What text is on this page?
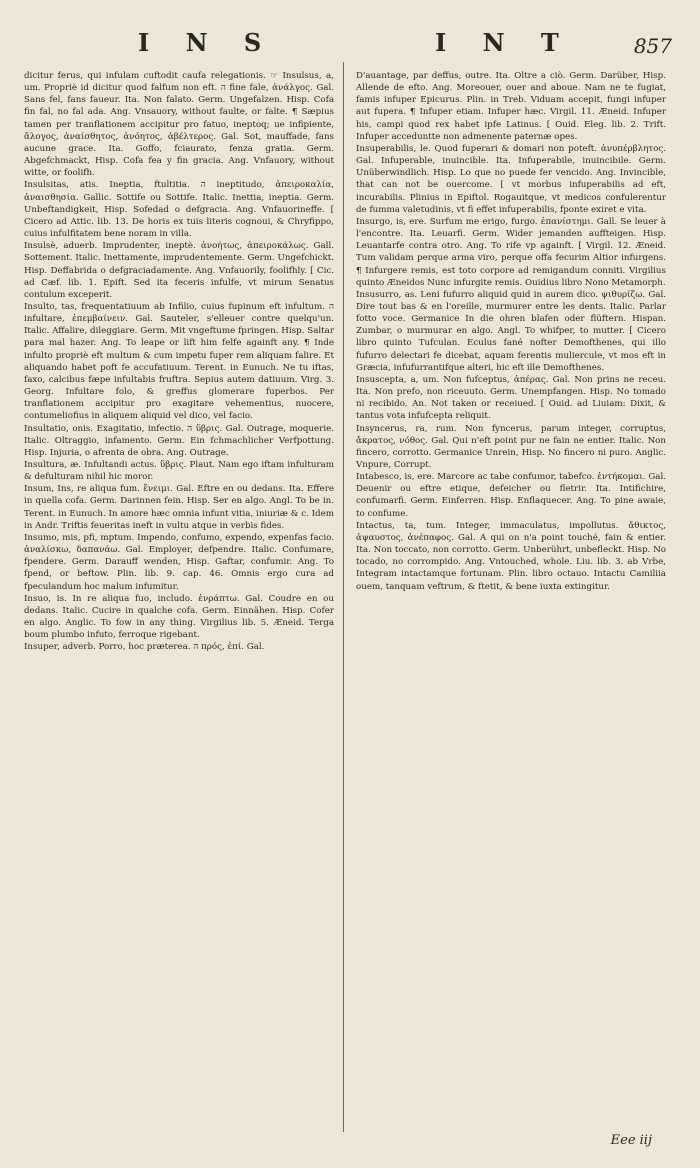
I N S	I N T	857

dicitur ferus, qui infulam cuftodit caufa relegationis. ☞ Insulsus, a, um. Propriè id dicitur quod falfum non eft. ﬣ fine fale, ἀνάλγος. Gal. Sans fel, fans faueur. Ita. Non falato. Germ. Ungefalzen. Hisp. Cofa fin fal, no fal ada. Ang. Vnsauory, without faulte, or falte. ¶ Sæpius tamen per tranflationem accipitur pro fatuo, ineptoq; ue infipiente, ἄλογος, ἀναίσθητος, ἀνόητος, ἀβέλτερος. Gal. Sot, mauffade, fans aucune grace. Ita. Goffo, fciaurato, fenza gratia. Germ. Abgefchmackt, Hisp. Cofa fea y fin gracia. Ang. Vnfauory, without witte, or foolifh.

Insulsitas, atis. Ineptia, ftultitia. ﬣ ineptitudo, ἀπειροκαλία, ἀναισθησία. Gallic. Sottife ou Sottife. Italic. Inettia, ineptia. Germ. Unbeftandigkeit, Hisp. Sofedad o defgracia. Ang. Vnfauorineffe. [ Cicero ad Attic. lib. 13. De horis ex tuis literis cognoui, & Chryfippo, cuius infulfitatem bene noram in villa.

Insulsè, aduerb. Imprudenter, ineptè. ἀνοήτως, ἀπειροκάλως. Gall. Sottement. Italic. Inettamente, imprudentemente. Germ. Ungefchickt. Hisp. Deffabrida o defgraciadamente. Ang. Vnfauorily, foolifhly. [ Cic. ad Cæf. lib. 1. Epift. Sed ita feceris infulfe, vt mirum Senatus contulum exceperit.

Insulto, tas, frequentatiuum ab Infilio, cuius fupinum eft infultum. ﬣ infultare, ἐπεμβαίνειν. Gal. Sauteler, s'elleuer contre quelqu'un. Italic. Affalire, dileggiare. Germ. Mit vngeftume fpringen. Hisp. Saltar para mal hazer. Ang. To leape or lift him felfe againft any. ¶ Inde infulto propriè eft multum & cum impetu fuper rem aliquam falire. Et aliquando habet poft fe accufatiuum. Terent. in Eunuch. Ne tu iftas, faxo, calcibus fæpe infultabis fruftra. Sepius autem datiuum. Virg. 3. Georg. Infultare folo, & greffus glomerare fuperbos. Per tranflationem accipitur pro exagitare vehementius, nuocere, contumeliofius in aliquem aliquid vel dico, vel facio.

Insultatio, onis. Exagitatio, infectio. ﬣ ὕβρις. Gal. Outrage, moquerie. Italic. Oltraggio, infamento. Germ. Ein fchmachlicher Verfpottung. Hisp. Injuria, o afrenta de obra. Ang. Outrage.

Insultura, æ. Infultandi actus. ὕβρις. Plaut. Nam ego iftam infulturam & defulturam nihil hic moror.

Insum, Ins, re aliqua fum. ἔνειμι. Gal. Eftre en ou dedans. Ita. Effere in quella cofa. Germ. Darinnen fein. Hisp. Ser en algo. Angl. To be in. Terent. in Eunuch. In amore hæc omnia infunt vitia, iniuriæ & c. Idem in Andr. Triftis feueritas ineft in vultu atque in verbis fides.

Insumo, mis, pfi, mptum. Impendo, confumo, expendo, expenfas facio. ἀναλίσκω, δαπανάω. Gal. Employer, defpendre. Italic. Confumare, fpendere. Germ. Darauff wenden, Hisp. Gaftar, confumir. Ang. To fpend, or beftow. Plin. lib. 9. cap. 46. Omnis ergo cura ad fpeculandum hoc malum infumitur.

Insuo, is. In re aliqua fuo, includo. ἐνράπτω. Gal. Coudre en ou dedans. Italic. Cucire in qualche cofa. Germ. Einnähen. Hisp. Cofer en algo. Anglic. To fow in any thing. Virgilius lib. 5. Æneid. Terga boum plumbo infuto, ferroque rigebant.

Insuper, adverb. Porro, hoc præterea. ﬣ πρός, ἐπί. Gal.

D'auantage, par deffus, outre. Ita. Oltre a ciò. Germ. Darüber, Hisp. Allende de efto. Ang. Moreouer, ouer and aboue. Nam ne te fugiat, famis infuper Epicurus. Plin. in Treb. Viduam accepit, fungi infuper aut fupera. ¶ Infuper etiam. Infuper hæc. Virgil. 11. Æneid. Infuper his, campi quod rex habet ipfe Latinus. [ Ouid. Eleg. lib. 2. Trift. Infuper acceduntte non admenente paternæ opes.

Insuperabilis, le. Quod fuperari & domari non poteft. ἀνυπέρβλητος. Gal. Infuperable, inuincible. Ita. Infuperabile, inuincibile. Germ. Unüberwindlich. Hisp. Lo que no puede fer vencido. Ang. Invincible, that can not be ouercome. [ vt morbus infuperabilis ad eft, incurabilis. Plinius in Epiftol. Rogauitque, vt medicos confulerentur de fumma valetudinis, vt fi effet infuperabilis, fponte exiret e vita.

Insurgo, is, ere. Surfum me erigo, furgo. ἐπανίστημι. Gall. Se leuer à l'encontre. Ita. Leuarfi. Germ. Wider jemanden auffteigen. Hisp. Leuantarfe contra otro. Ang. To rife vp againft. [ Virgil. 12. Æneid. Tum validam perque arma viro, perque offa fecurim Altior infurgens. ¶ Infurgere remis, est toto corpore ad remigandum conniti. Virgilius quinto Æneidos Nunc infurgite remis. Ouidius libro Nono Metamorph.

Insusurro, as. Leni fufurro aliquid quid in aurem dico. ψιθυρίζω. Gal. Dire tout bas & en l'oreille, murmurer entre les dents. Italic. Parlar fotto voce. Germanice In die ohren blafen oder flüftern. Hispan. Zumbar, o murmurar en algo. Angl. To whifper, to mutter. [ Cicero libro quinto Tufculan. Eculus fané nofter Demofthenes, qui illo fufurro delectari fe dicebat, aquam ferentis muliercule, vt mos eft in Græcia, infufurrantifque alteri, hic eft ille Demofthenes.

Insuscepta, a, um. Non fufceptus, ἀπέρας. Gal. Non prins ne receu. Ita. Non prefo, non riceuuto. Germ. Unempfangen. Hisp. No tomado ni recibido. An. Not taken or receiued. [ Ouid. ad Liuiam: Dixit, & tantus vota infufcepta reliquit.

Insyncerus, ra, rum. Non fyncerus, parum integer, corruptus, ἄκρατος, νόθος. Gal. Qui n'eft point pur ne fain ne entier. Italic. Non fincero, corrotto. Germanice Unrein, Hisp. No fincero ni puro. Anglic. Vnpure, Corrupt.

Intabesco, is, ere. Marcore ac tabe confumor, tabefco. ἐντήκομαι. Gal. Deuenir ou eftre etique, defeicher ou fletrir. Ita. Intifichire, confumarfi. Germ. Einferren. Hisp. Enflaquecer. Ang. To pine awaie, to confume.

Intactus, ta, tum. Integer, immaculatus, impollutus. ἄθικτος, ἀψαυστος, ἀνέπαφος. Gal. A qui on n'a point touché, fain & entier. Ita. Non toccato, non corrotto. Germ. Unberührt, unbefleckt. Hisp. No tocado, no corrompido. Ang. Vntouched, whole. Liu. lib. 3. ab Vrbe, Integram intactamque fortunam. Plin. libro octauo. Intactu Camiliia ouem, tanquam veftrum, & ftetit, & bene iuxta extingitur.

Eee iij
